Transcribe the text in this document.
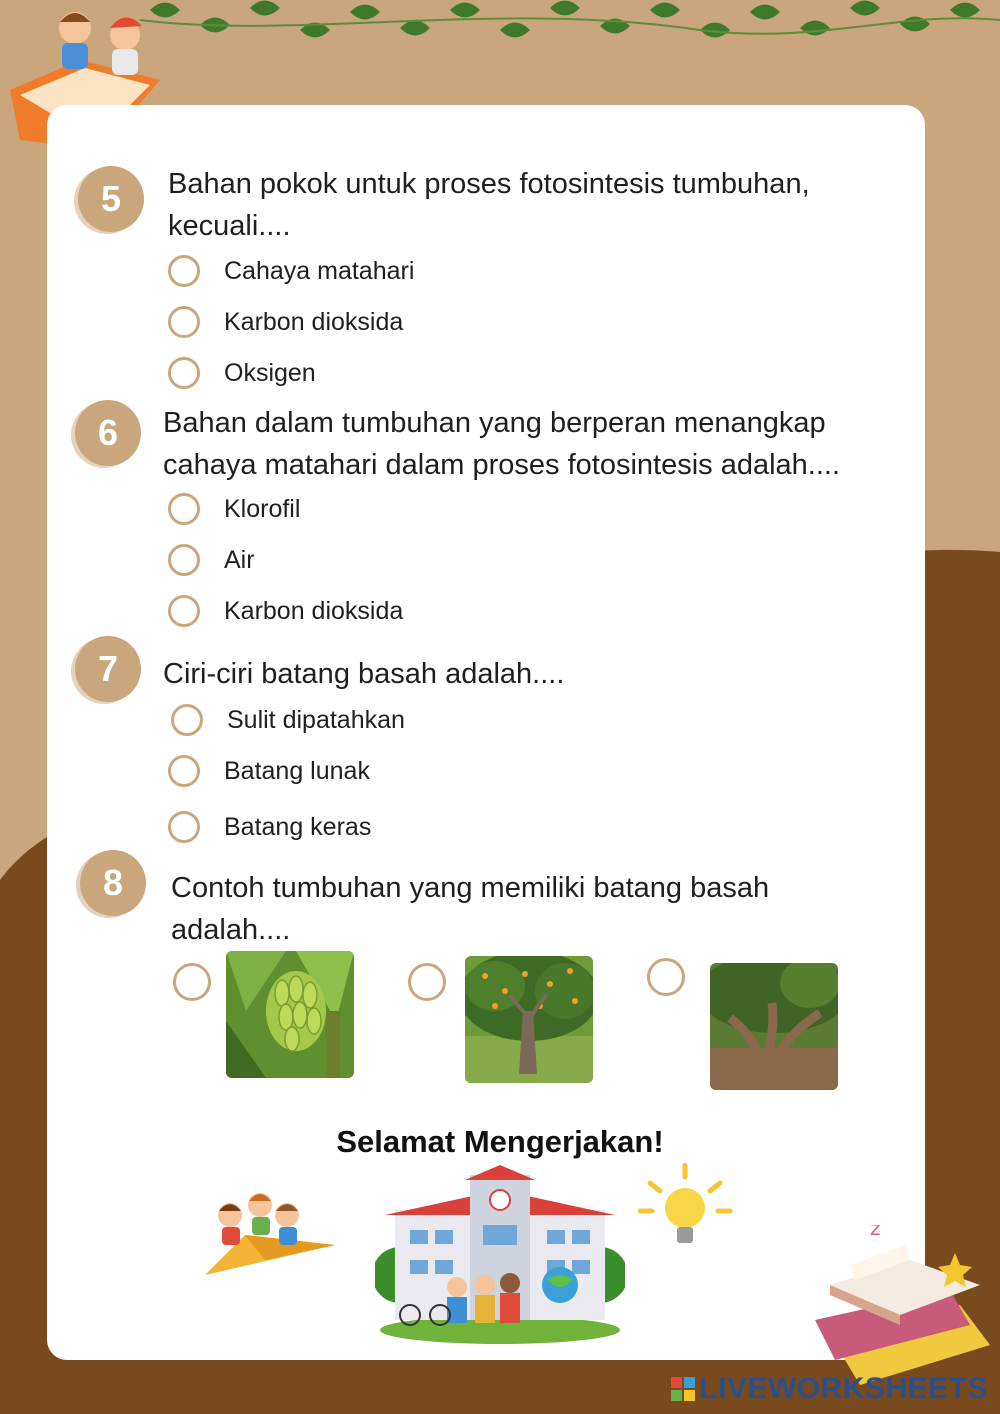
5	Bahan pokok untuk proses fotosintesis tumbuhan,
kecuali....

Cahaya matahari
Karbon dioksida
Oksigen
6	Bahan dalam tumbuhan yang berperan menangkap
cahaya matahari dalam proses fotosintesis adalah....

Klorofil
Air
Karbon dioksida
7	Ciri-ciri batang basah adalah....

Sulit dipatahkan
Batang lunak
Batang keras
8	Contoh tumbuhan yang memiliki batang basah
adalah....

Selamat Mengerjakan!
z
LIVEWORKSHEETS
